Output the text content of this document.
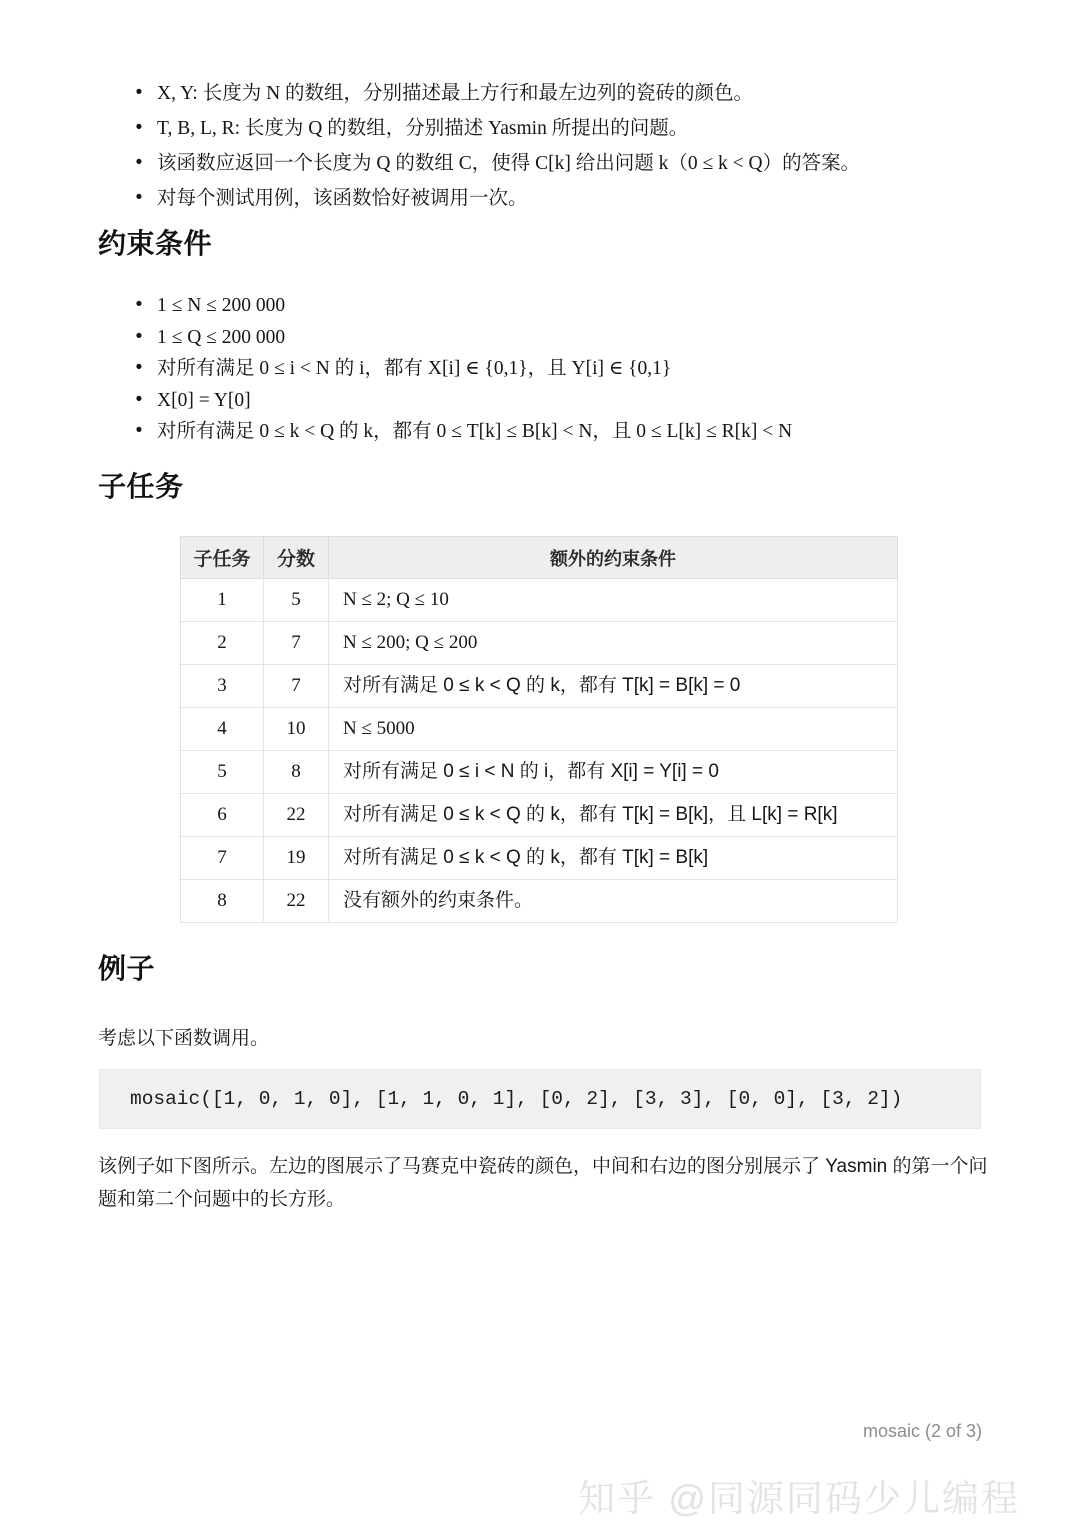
• X, Y: 长度为 N 的数组，分别描述最上方行和最左边列的瓷砖的颜色。
• T, B, L, R: 长度为 Q 的数组，分别描述 Yasmin 所提出的问题。
• 该函数应返回一个长度为 Q 的数组 C，使得 C[k] 给出问题 k（0 ≤ k < Q）的答案。
• 对每个测试用例，该函数恰好被调用一次。
约束条件
• 1 ≤ N ≤ 200 000
• 1 ≤ Q ≤ 200 000
• 对所有满足 0 ≤ i < N 的 i，都有 X[i] ∈ {0,1}，且 Y[i] ∈ {0,1}
• X[0] = Y[0]
• 对所有满足 0 ≤ k < Q 的 k，都有 0 ≤ T[k] ≤ B[k] < N，且 0 ≤ L[k] ≤ R[k] < N
子任务
子任务	分数	额外的约束条件
1	5	N ≤ 2; Q ≤ 10
2	7	N ≤ 200; Q ≤ 200
3	7	对所有满足 0 ≤ k < Q 的 k，都有 T[k] = B[k] = 0
4	10	N ≤ 5000
5	8	对所有满足 0 ≤ i < N 的 i，都有 X[i] = Y[i] = 0
6	22	对所有满足 0 ≤ k < Q 的 k，都有 T[k] = B[k]，且 L[k] = R[k]
7	19	对所有满足 0 ≤ k < Q 的 k，都有 T[k] = B[k]
8	22	没有额外的约束条件。
例子
考虑以下函数调用。
mosaic([1, 0, 1, 0], [1, 1, 0, 1], [0, 2], [3, 3], [0, 0], [3, 2])
该例子如下图所示。左边的图展示了马赛克中瓷砖的颜色，中间和右边的图分别展示了 Yasmin 的第一个问题和第二个问题中的长方形。
mosaic (2 of 3)
知乎 @同源同码少儿编程
